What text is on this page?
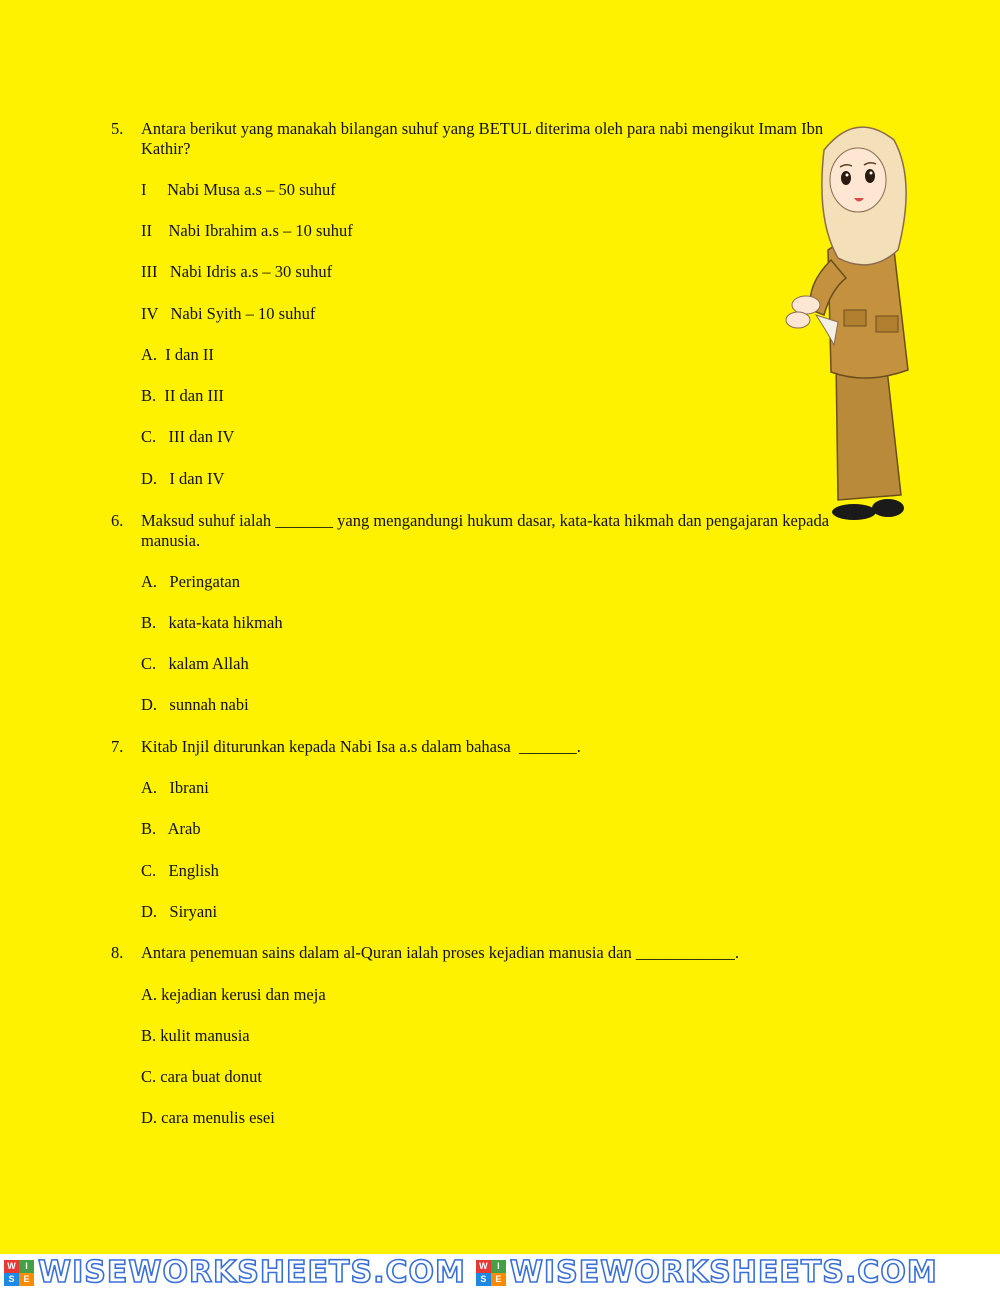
5. Antara berikut yang manakah bilangan suhuf yang BETUL diterima oleh para nabi mengikut Imam Ibn Kathir?
I     Nabi Musa a.s – 50 suhuf
II    Nabi Ibrahim a.s – 10 suhuf
III   Nabi Idris a.s – 30 suhuf
IV   Nabi Syith – 10 suhuf
A.  I dan II
B.  II dan III
C.   III dan IV
D.   I dan IV
6. Maksud suhuf ialah _______ yang mengandungi hukum dasar, kata-kata hikmah dan pengajaran kepada manusia.
A.   Peringatan
B.   kata-kata hikmah
C.   kalam Allah
D.   sunnah nabi
7. Kitab Injil diturunkan kepada Nabi Isa a.s dalam bahasa  _______.
A.   Ibrani
B.   Arab
C.   English
D.   Siryani
8. Antara penemuan sains dalam al-Quran ialah proses kejadian manusia dan ____________.
A. kejadian kerusi dan meja
B. kulit manusia
C. cara buat donut
D. cara menulis esei
W	I
S E WISEWORKSHEETS.COM	W	I
S E WISEWORKSHEETS.COM
